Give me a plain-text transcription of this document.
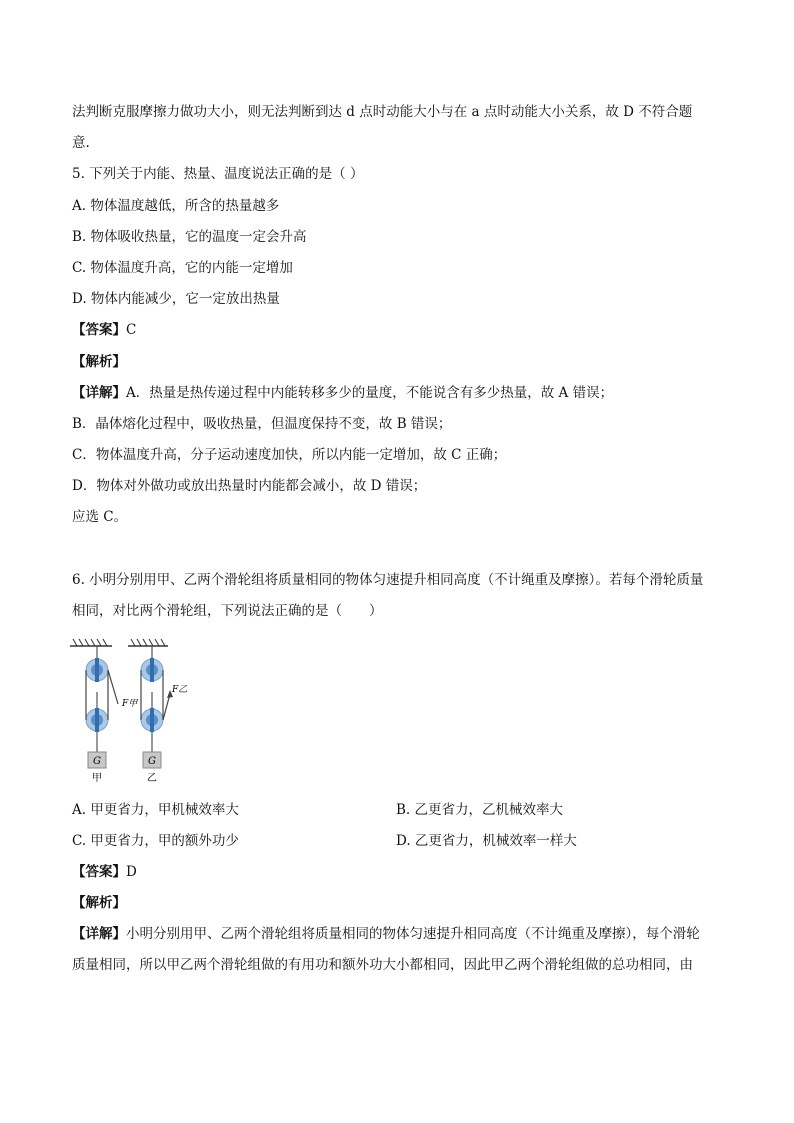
法判断克服摩擦力做功大小，则无法判断到达 d 点时动能大小与在 a 点时动能大小关系，故 D 不符合题
意.
5. 下列关于内能、热量、温度说法正确的是（ ）
A. 物体温度越低，所含的热量越多
B. 物体吸收热量，它的温度一定会升高
C. 物体温度升高，它的内能一定增加
D. 物体内能减少，它一定放出热量
【答案】C
【解析】
【详解】A．热量是热传递过程中内能转移多少的量度，不能说含有多少热量，故 A 错误；
B．晶体熔化过程中，吸收热量，但温度保持不变，故 B 错误；
C．物体温度升高，分子运动速度加快，所以内能一定增加，故 C 正确；
D．物体对外做功或放出热量时内能都会减小，故 D 错误；
应选 C。
6. 小明分别用甲、乙两个滑轮组将质量相同的物体匀速提升相同高度（不计绳重及摩擦）。若每个滑轮质量
相同，对比两个滑轮组，下列说法正确的是（　　）
G
甲
F甲
G
乙
F乙
A. 甲更省力，甲机械效率大	B. 乙更省力，乙机械效率大
C. 甲更省力，甲的额外功少	D. 乙更省力，机械效率一样大
【答案】D
【解析】
【详解】小明分别用甲、乙两个滑轮组将质量相同的物体匀速提升相同高度（不计绳重及摩擦），每个滑轮
质量相同，所以甲乙两个滑轮组做的有用功和额外功大小都相同，因此甲乙两个滑轮组做的总功相同，由
